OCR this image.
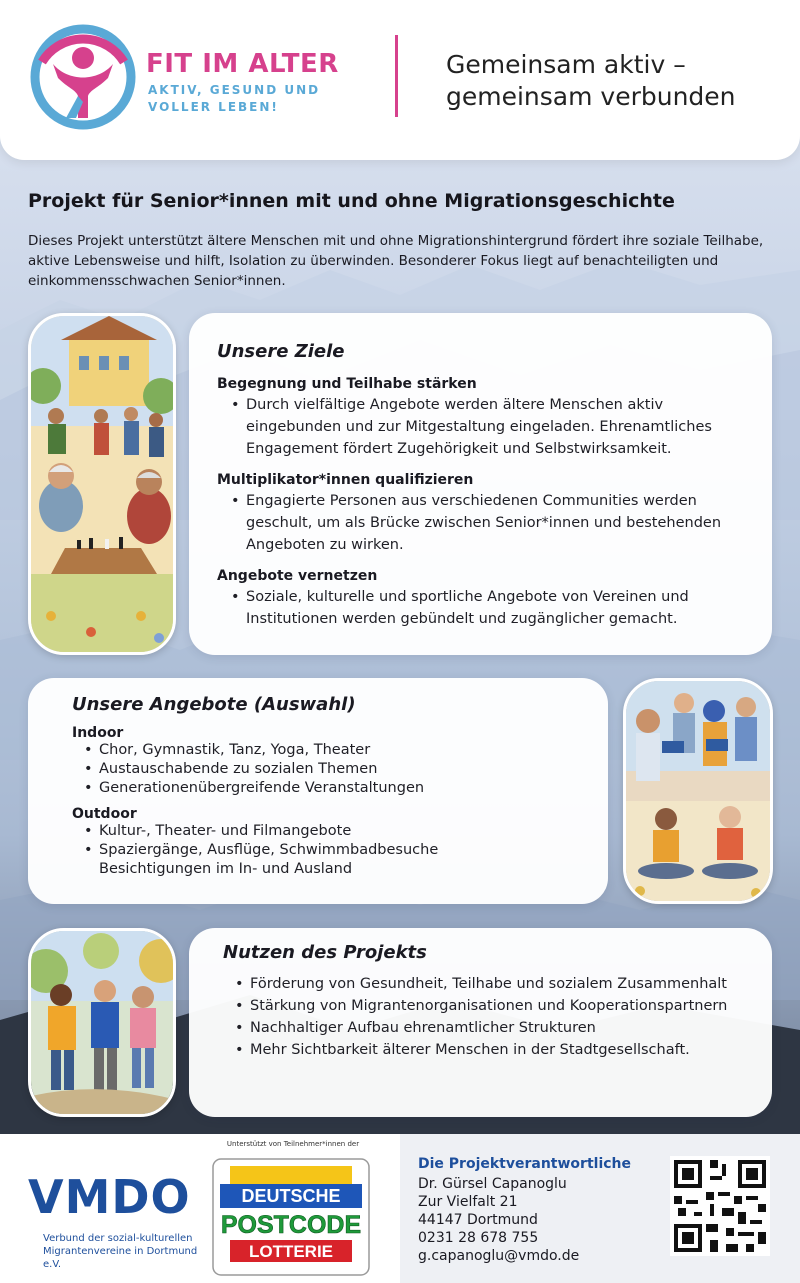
FIT IM ALTER
AKTIV, GESUND UND VOLLER LEBEN!
Gemeinsam aktiv –
gemeinsam verbunden
Projekt für Senior*innen mit und ohne Migrationsgeschichte
Dieses Projekt unterstützt ältere Menschen mit und ohne Migrationshintergrund fördert ihre soziale Teilhabe, aktive Lebensweise und hilft, Isolation zu überwinden. Besonderer Fokus liegt auf benachteiligten und einkommensschwachen Senior*innen.
Unsere Ziele
Begegnung und Teilhabe stärken
• Durch vielfältige Angebote werden ältere Menschen aktiv eingebunden und zur Mitgestaltung eingeladen. Ehrenamtliches Engagement fördert Zugehörigkeit und Selbstwirksamkeit.
Multiplikator*innen qualifizieren
• Engagierte Personen aus verschiedenen Communities werden geschult, um als Brücke zwischen Senior*innen und bestehenden Angeboten zu wirken.
Angebote vernetzen
• Soziale, kulturelle und sportliche Angebote von Vereinen und Institutionen werden gebündelt und zugänglicher gemacht.
Unsere Angebote (Auswahl)
Indoor
• Chor, Gymnastik, Tanz, Yoga, Theater
• Austauschabende zu sozialen Themen
• Generationenübergreifende Veranstaltungen
Outdoor
• Kultur-, Theater- und Filmangebote
• Spaziergänge, Ausflüge, Schwimmbadbesuche Besichtigungen im In- und Ausland
Nutzen des Projekts
• Förderung von Gesundheit, Teilhabe und sozialem Zusammenhalt
• Stärkung von Migrantenorganisationen und Kooperationspartnern
• Nachhaltiger Aufbau ehrenamtlicher Strukturen
• Mehr Sichtbarkeit älterer Menschen in der Stadtgesellschaft.
VMDO
Verbund der sozial-kulturellen Migrantenvereine in Dortmund e.V.
Unterstützt von Teilnehmer*innen der
DEUTSCHE
POSTCODE
LOTTERIE
Die Projektverantwortliche
Dr. Gürsel Capanoglu
Zur Vielfalt 21
44147 Dortmund
0231 28 678 755
g.capanoglu@vmdo.de
